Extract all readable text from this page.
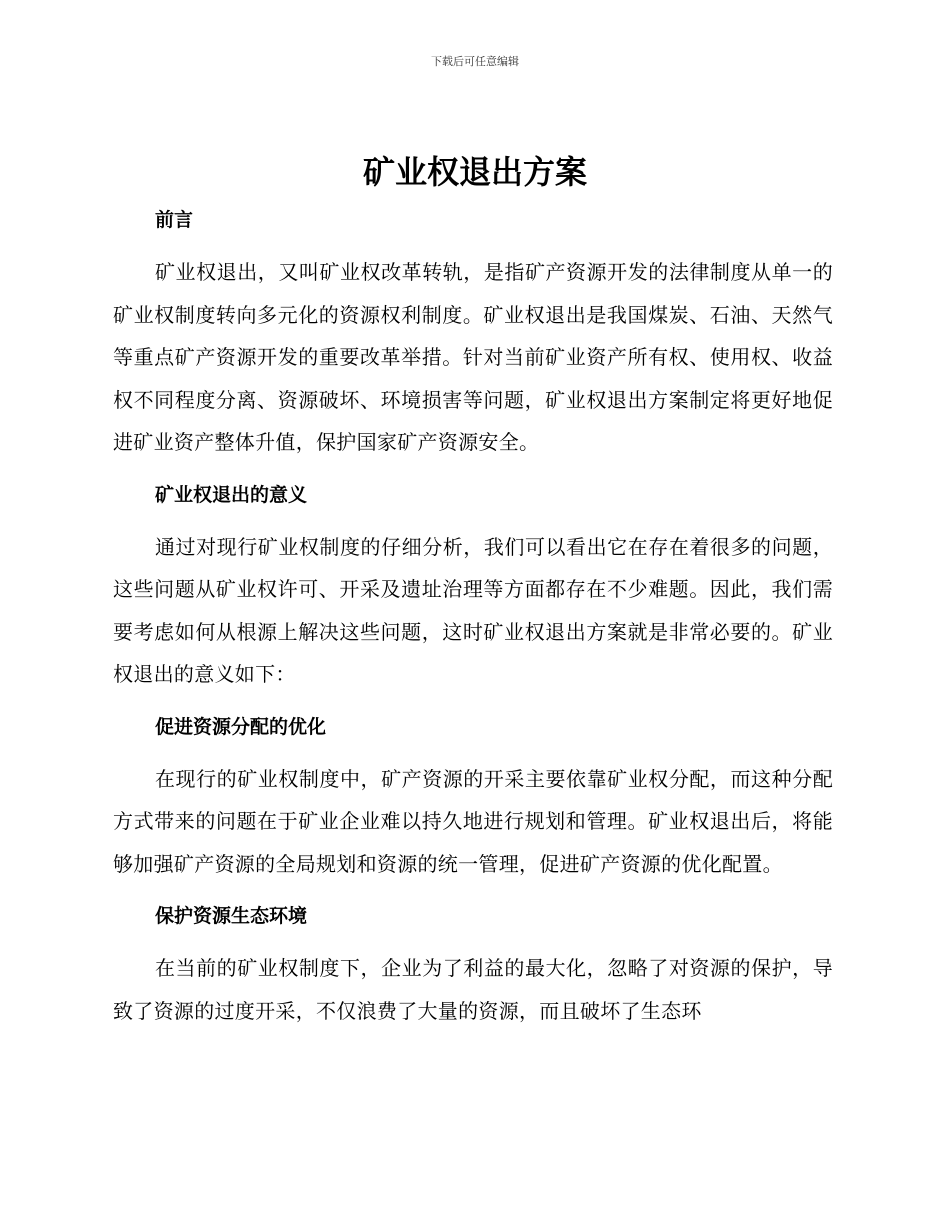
下载后可任意编辑
矿业权退出方案
前言

矿业权退出，又叫矿业权改革转轨，是指矿产资源开发的法律制度从单一的矿业权制度转向多元化的资源权利制度。矿业权退出是我国煤炭、石油、天然气等重点矿产资源开发的重要改革举措。针对当前矿业资产所有权、使用权、收益权不同程度分离、资源破坏、环境损害等问题，矿业权退出方案制定将更好地促进矿业资产整体升值，保护国家矿产资源安全。

矿业权退出的意义

通过对现行矿业权制度的仔细分析，我们可以看出它在存在着很多的问题，这些问题从矿业权许可、开采及遗址治理等方面都存在不少难题。因此，我们需要考虑如何从根源上解决这些问题，这时矿业权退出方案就是非常必要的。矿业权退出的意义如下：

促进资源分配的优化

在现行的矿业权制度中，矿产资源的开采主要依靠矿业权分配，而这种分配方式带来的问题在于矿业企业难以持久地进行规划和管理。矿业权退出后，将能够加强矿产资源的全局规划和资源的统一管理，促进矿产资源的优化配置。

保护资源生态环境

在当前的矿业权制度下，企业为了利益的最大化，忽略了对资源的保护，导致了资源的过度开采，不仅浪费了大量的资源，而且破坏了生态环
